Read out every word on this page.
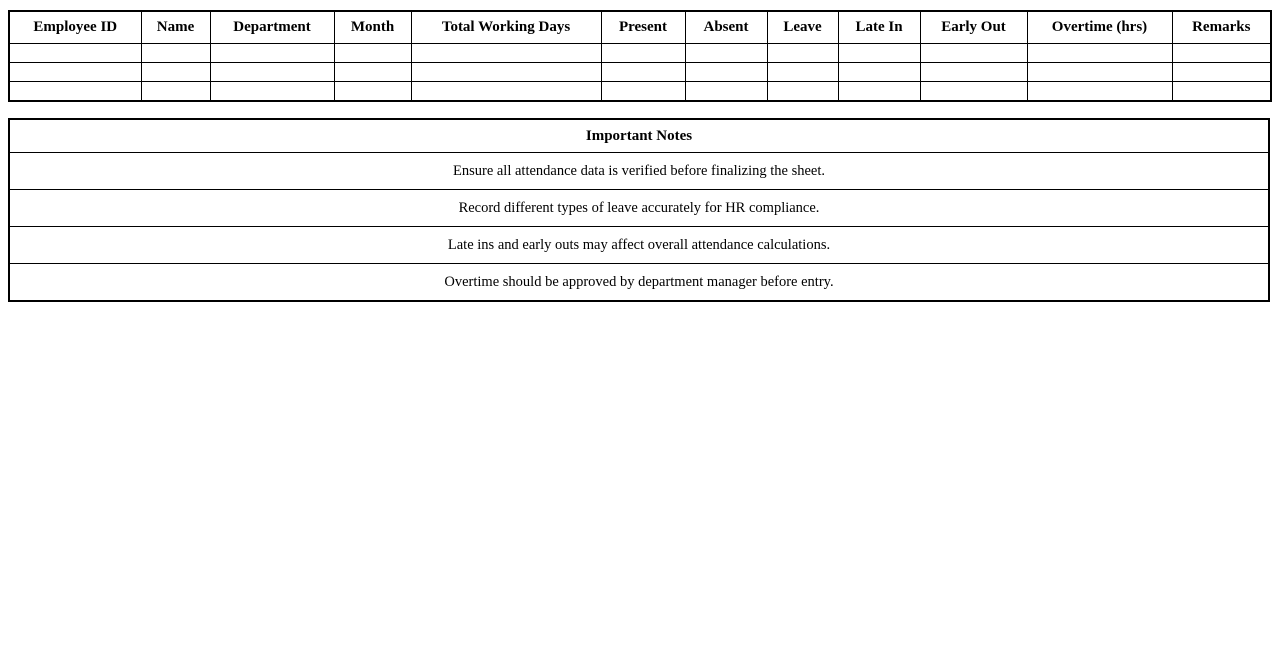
Employee ID	Name	Department	Month	Total Working Days	Present	Absent	Leave	Late In	Early Out	Overtime (hrs)	Remarks

Important Notes
Ensure all attendance data is verified before finalizing the sheet.
Record different types of leave accurately for HR compliance.
Late ins and early outs may affect overall attendance calculations.
Overtime should be approved by department manager before entry.
